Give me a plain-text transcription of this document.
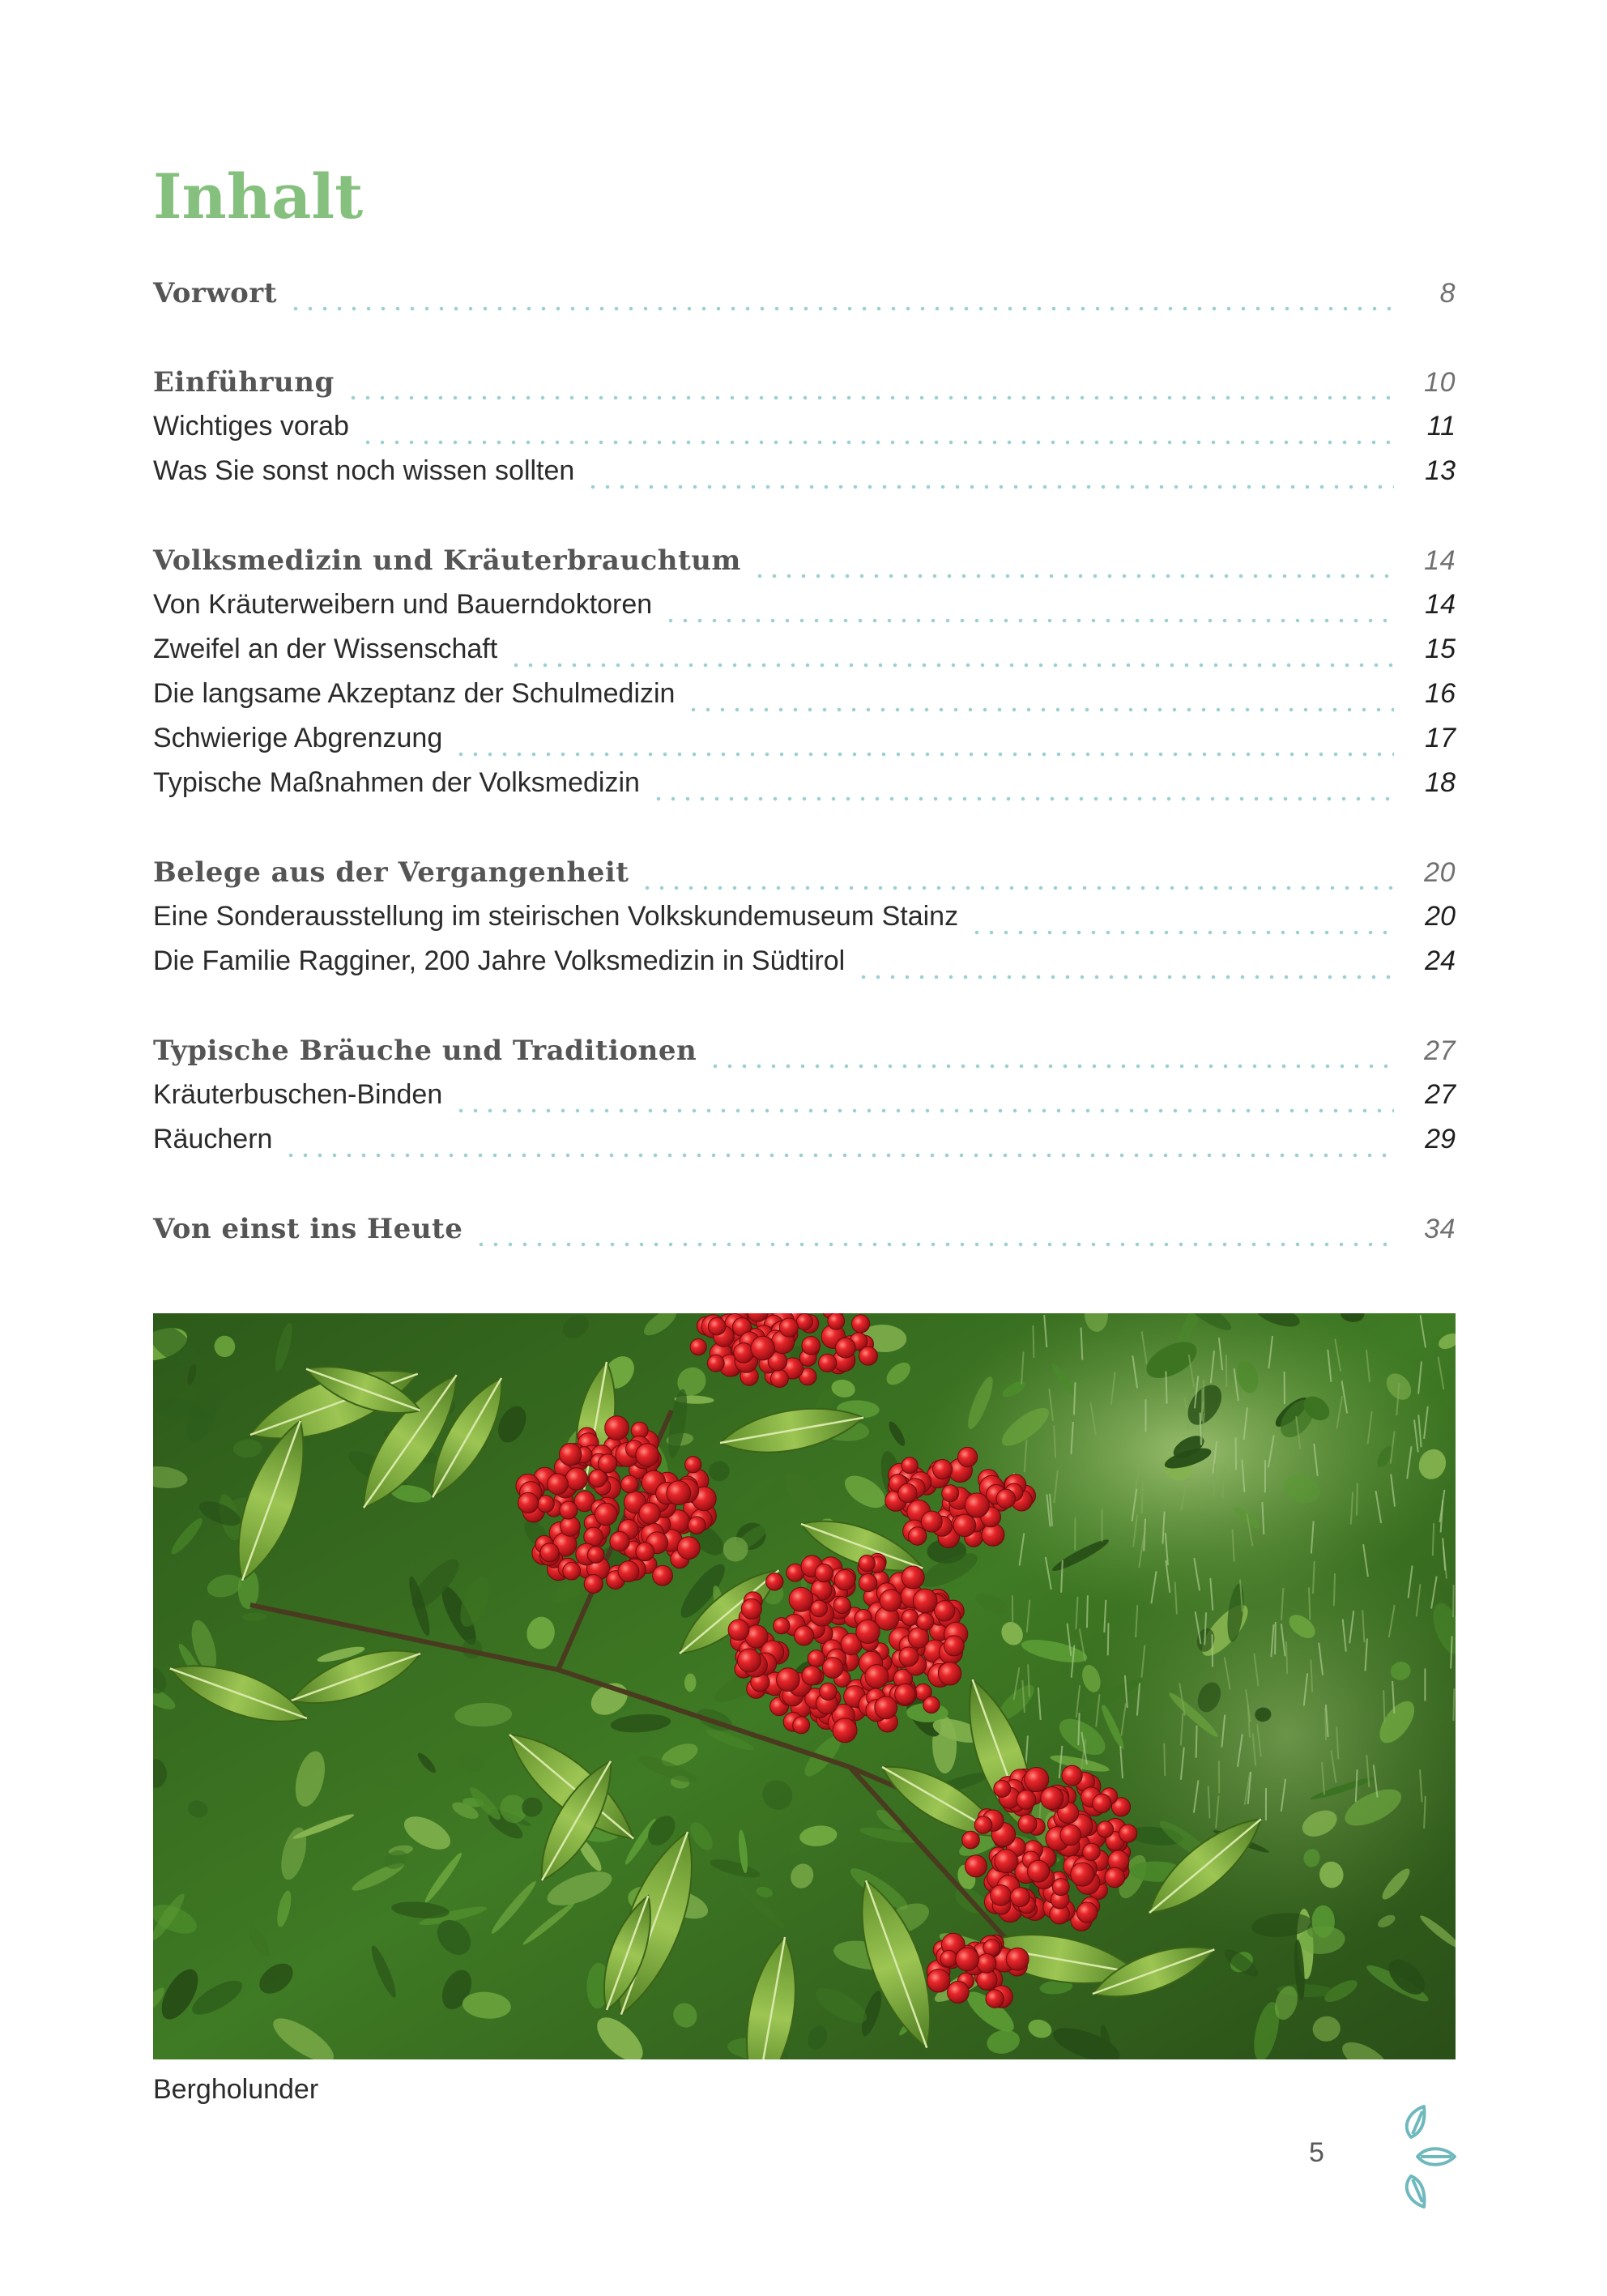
Inhalt
Vorwort	8
Einführung	10
Wichtiges vorab	11
Was Sie sonst noch wissen sollten	13
Volksmedizin und Kräuterbrauchtum	14
Von Kräuterweibern und Bauerndoktoren	14
Zweifel an der Wissenschaft	15
Die langsame Akzeptanz der Schulmedizin	16
Schwierige Abgrenzung	17
Typische Maßnahmen der Volksmedizin	18
Belege aus der Vergangenheit	20
Eine Sonderausstellung im steirischen Volkskundemuseum Stainz	20
Die Familie Ragginer, 200 Jahre Volksmedizin in Südtirol	24
Typische Bräuche und Traditionen	27
Kräuterbuschen-Binden	27
Räuchern	29
Von einst ins Heute	34
Bergholunder
5
